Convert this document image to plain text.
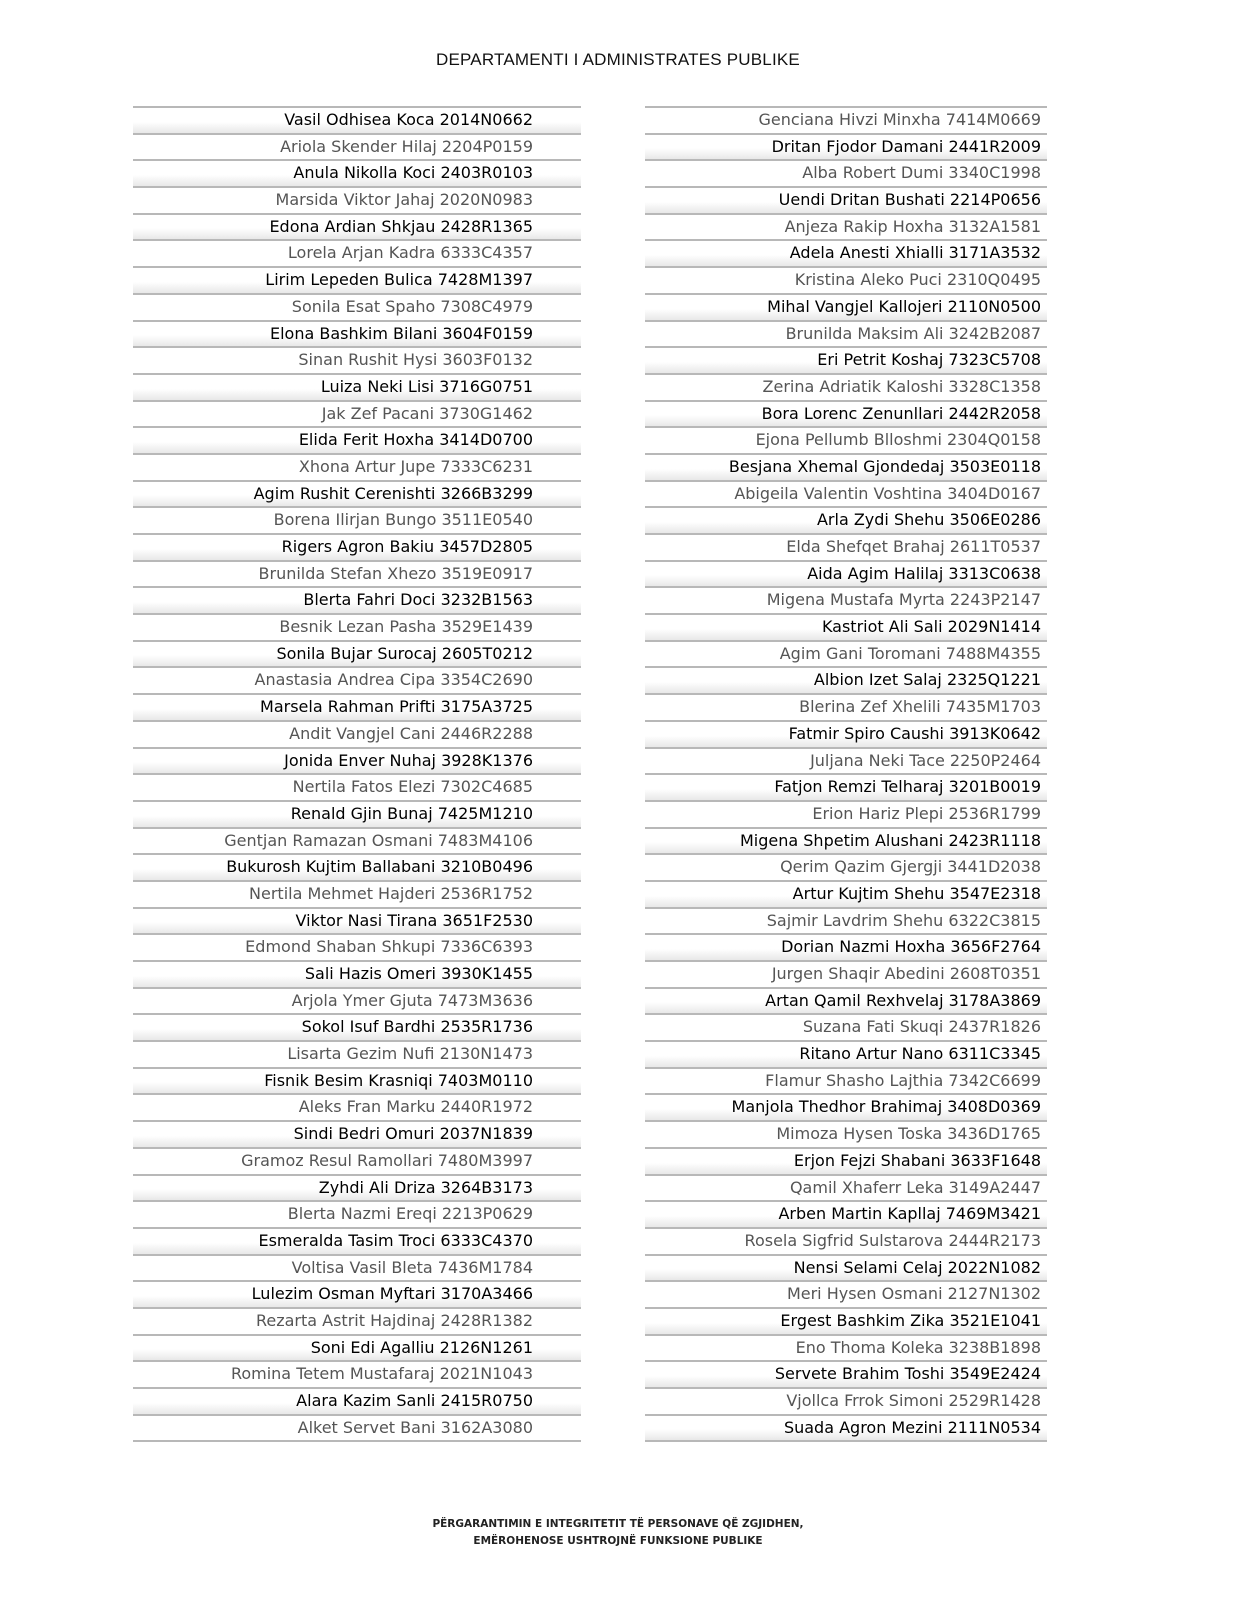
DEPARTAMENTI I ADMINISTRATES PUBLIKE
Vasil Odhisea Koca 2014N0662
Ariola Skender Hilaj 2204P0159
Anula Nikolla Koci 2403R0103
Marsida Viktor Jahaj 2020N0983
Edona Ardian Shkjau 2428R1365
Lorela Arjan Kadra 6333C4357
Lirim Lepeden Bulica 7428M1397
Sonila Esat Spaho 7308C4979
Elona Bashkim Bilani 3604F0159
Sinan Rushit Hysi 3603F0132
Luiza Neki Lisi 3716G0751
Jak Zef Pacani 3730G1462
Elida Ferit Hoxha 3414D0700
Xhona Artur Jupe 7333C6231
Agim Rushit Cerenishti 3266B3299
Borena Ilirjan Bungo 3511E0540
Rigers Agron Bakiu 3457D2805
Brunilda Stefan Xhezo 3519E0917
Blerta Fahri Doci 3232B1563
Besnik Lezan Pasha 3529E1439
Sonila Bujar Surocaj 2605T0212
Anastasia Andrea Cipa 3354C2690
Marsela Rahman Prifti 3175A3725
Andit Vangjel Cani 2446R2288
Jonida Enver Nuhaj 3928K1376
Nertila Fatos Elezi 7302C4685
Renald Gjin Bunaj 7425M1210
Gentjan Ramazan Osmani 7483M4106
Bukurosh Kujtim Ballabani 3210B0496
Nertila Mehmet Hajderi 2536R1752
Viktor Nasi Tirana 3651F2530
Edmond Shaban Shkupi 7336C6393
Sali Hazis Omeri 3930K1455
Arjola Ymer Gjuta 7473M3636
Sokol Isuf Bardhi 2535R1736
Lisarta Gezim Nufi 2130N1473
Fisnik Besim Krasniqi 7403M0110
Aleks Fran Marku 2440R1972
Sindi Bedri Omuri 2037N1839
Gramoz Resul Ramollari 7480M3997
Zyhdi Ali Driza 3264B3173
Blerta Nazmi Ereqi 2213P0629
Esmeralda Tasim Troci 6333C4370
Voltisa Vasil Bleta 7436M1784
Lulezim Osman Myftari 3170A3466
Rezarta Astrit Hajdinaj 2428R1382
Soni Edi Agalliu 2126N1261
Romina Tetem Mustafaraj 2021N1043
Alara Kazim Sanli 2415R0750
Alket Servet Bani 3162A3080
Genciana Hivzi Minxha 7414M0669
Dritan Fjodor Damani 2441R2009
Alba Robert Dumi 3340C1998
Uendi Dritan Bushati 2214P0656
Anjeza Rakip Hoxha 3132A1581
Adela Anesti Xhialli 3171A3532
Kristina Aleko Puci 2310Q0495
Mihal Vangjel Kallojeri 2110N0500
Brunilda Maksim Ali 3242B2087
Eri Petrit Koshaj 7323C5708
Zerina Adriatik Kaloshi 3328C1358
Bora Lorenc Zenunllari 2442R2058
Ejona Pellumb Blloshmi 2304Q0158
Besjana Xhemal Gjondedaj 3503E0118
Abigeila Valentin Voshtina 3404D0167
Arla Zydi Shehu 3506E0286
Elda Shefqet Brahaj 2611T0537
Aida Agim Halilaj 3313C0638
Migena Mustafa Myrta 2243P2147
Kastriot Ali Sali 2029N1414
Agim Gani Toromani 7488M4355
Albion Izet Salaj 2325Q1221
Blerina Zef Xhelili 7435M1703
Fatmir Spiro Caushi 3913K0642
Juljana Neki Tace 2250P2464
Fatjon Remzi Telharaj 3201B0019
Erion Hariz Plepi 2536R1799
Migena Shpetim Alushani 2423R1118
Qerim Qazim Gjergji 3441D2038
Artur Kujtim Shehu 3547E2318
Sajmir Lavdrim Shehu 6322C3815
Dorian Nazmi Hoxha 3656F2764
Jurgen Shaqir Abedini 2608T0351
Artan Qamil Rexhvelaj 3178A3869
Suzana Fati Skuqi 2437R1826
Ritano Artur Nano 6311C3345
Flamur Shasho Lajthia 7342C6699
Manjola Thedhor Brahimaj 3408D0369
Mimoza Hysen Toska 3436D1765
Erjon Fejzi Shabani 3633F1648
Qamil Xhaferr Leka 3149A2447
Arben Martin Kapllaj 7469M3421
Rosela Sigfrid Sulstarova 2444R2173
Nensi Selami Celaj 2022N1082
Meri Hysen Osmani 2127N1302
Ergest Bashkim Zika 3521E1041
Eno Thoma Koleka 3238B1898
Servete Brahim Toshi 3549E2424
Vjollca Frrok Simoni 2529R1428
Suada Agron Mezini 2111N0534
PËRGARANTIMIN E INTEGRITETIT TË PERSONAVE QË ZGJIDHEN,
EMËROHENOSE USHTROJNË FUNKSIONE PUBLIKE
